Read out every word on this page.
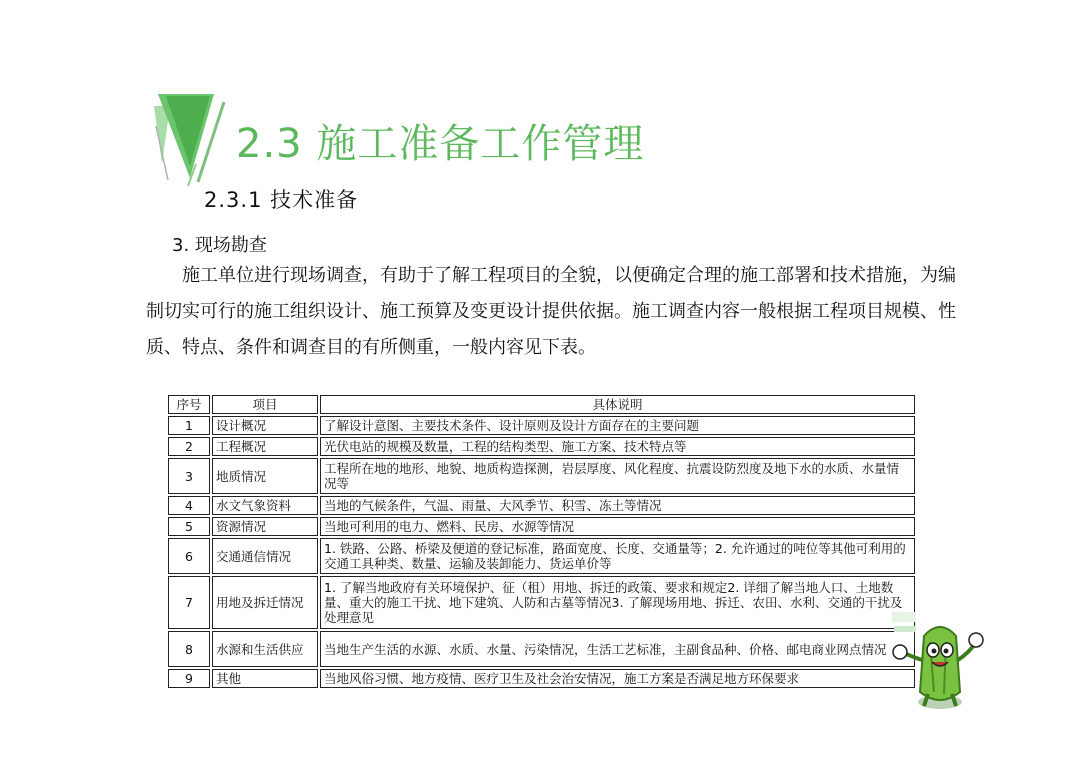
2.3 施工准备工作管理
2.3.1 技术准备
3. 现场勘查

施工单位进行现场调查，有助于了解工程项目的全貌，以便确定合理的施工部署和技术措施，为编制切实可行的施工组织设计、施工预算及变更设计提供依据。施工调查内容一般根据工程项目规模、性质、特点、条件和调查目的有所侧重，一般内容见下表。

序号	项目	具体说明
1	设计概况	了解设计意图、主要技术条件、设计原则及设计方面存在的主要问题
2	工程概况	光伏电站的规模及数量，工程的结构类型、施工方案、技术特点等
3	地质情况	工程所在地的地形、地貌、地质构造探测，岩层厚度、风化程度、抗震设防烈度及地下水的水质、水量情况等
4	水文气象资料	当地的气候条件，气温、雨量、大风季节、积雪、冻土等情况
5	资源情况	当地可利用的电力、燃料、民房、水源等情况
6	交通通信情况	1. 铁路、公路、桥梁及便道的登记标准，路面宽度、长度、交通量等；2. 允许通过的吨位等其他可利用的交通工具种类、数量、运输及装卸能力、货运单价等
7	用地及拆迁情况	1. 了解当地政府有关环境保护、征（租）用地、拆迁的政策、要求和规定2. 详细了解当地人口、土地数量、重大的施工干扰、地下建筑、人防和古墓等情况3. 了解现场用地、拆迁、农田、水利、交通的干扰及处理意见
8	水源和生活供应	当地生产生活的水源、水质、水量、污染情况，生活工艺标准，主副食品种、价格、邮电商业网点情况
9	其他	当地风俗习惯、地方疫情、医疗卫生及社会治安情况，施工方案是否满足地方环保要求
